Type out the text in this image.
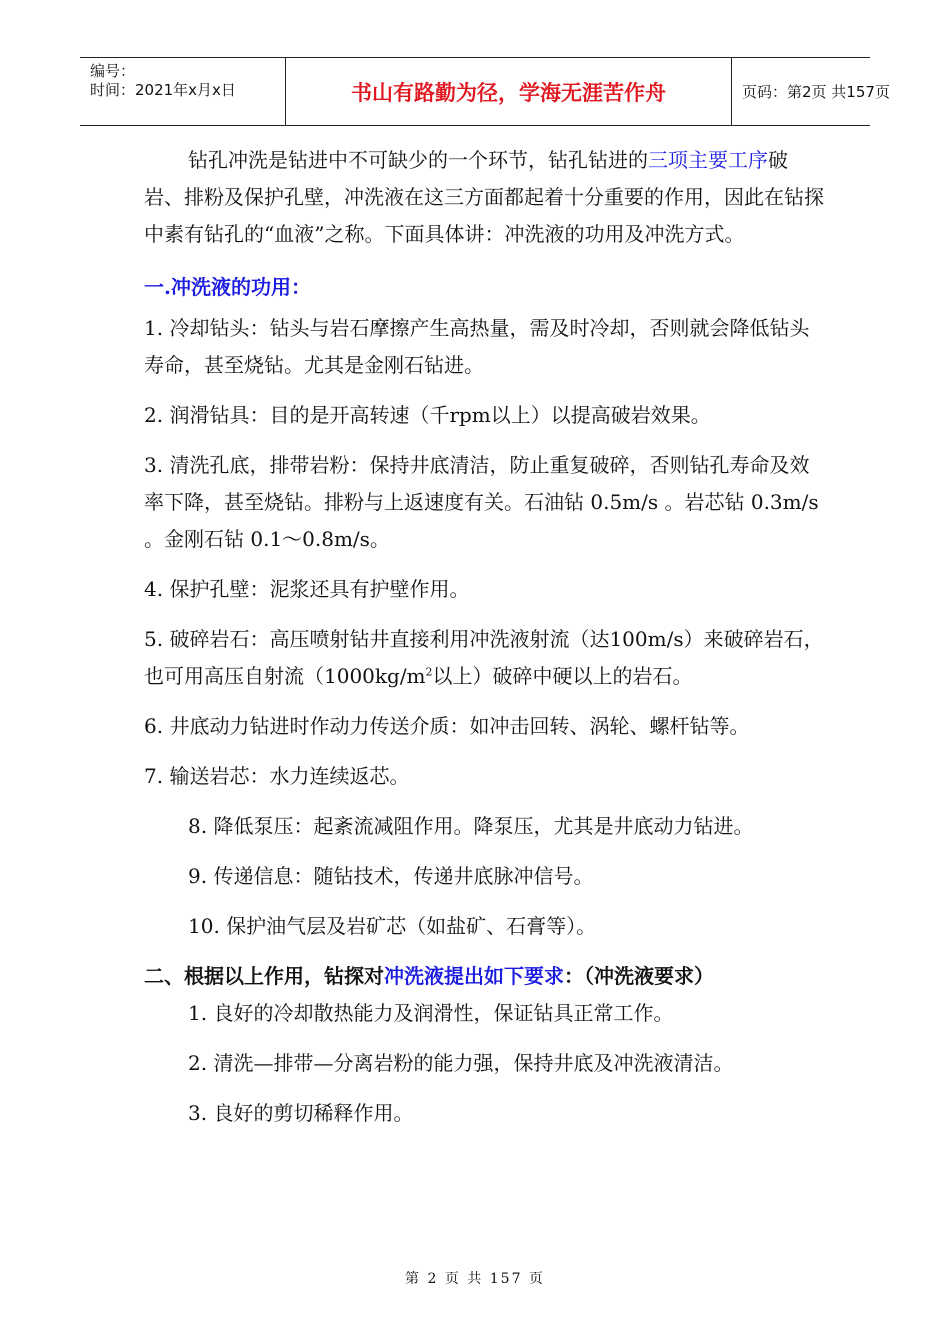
编号：
时间：2021年x月x日	书山有路勤为径，学海无涯苦作舟	页码：第2页 共157页

钻孔冲洗是钻进中不可缺少的一个环节，钻孔钻进的三项主要工序破岩、排粉及保护孔壁，冲洗液在这三方面都起着十分重要的作用，因此在钻探中素有钻孔的“血液”之称。下面具体讲：冲洗液的功用及冲洗方式。

一.冲洗液的功用：

1. 冷却钻头：钻头与岩石摩擦产生高热量，需及时冷却，否则就会降低钻头寿命，甚至烧钻。尤其是金刚石钻进。

2. 润滑钻具：目的是开高转速（千rpm以上）以提高破岩效果。

3. 清洗孔底，排带岩粉：保持井底清洁，防止重复破碎，否则钻孔寿命及效率下降，甚至烧钻。排粉与上返速度有关。石油钻 0.5m/s 。岩芯钻 0.3m/s 。金刚石钻 0.1～0.8m/s。

4. 保护孔壁：泥浆还具有护壁作用。

5. 破碎岩石：高压喷射钻井直接利用冲洗液射流（达100m/s）来破碎岩石，也可用高压自射流（$1000kg/m^2$以上）破碎中硬以上的岩石。

6. 井底动力钻进时作动力传送介质：如冲击回转、涡轮、螺杆钻等。

7. 输送岩芯：水力连续返芯。

8. 降低泵压：起紊流减阻作用。降泵压，尤其是井底动力钻进。

9. 传递信息：随钻技术，传递井底脉冲信号。

10. 保护油气层及岩矿芯（如盐矿、石膏等）。

二、根据以上作用，钻探对冲洗液提出如下要求：（冲洗液要求）

1. 良好的冷却散热能力及润滑性，保证钻具正常工作。

2. 清洗—排带—分离岩粉的能力强，保持井底及冲洗液清洁。

3. 良好的剪切稀释作用。

第 2 页 共 157 页
